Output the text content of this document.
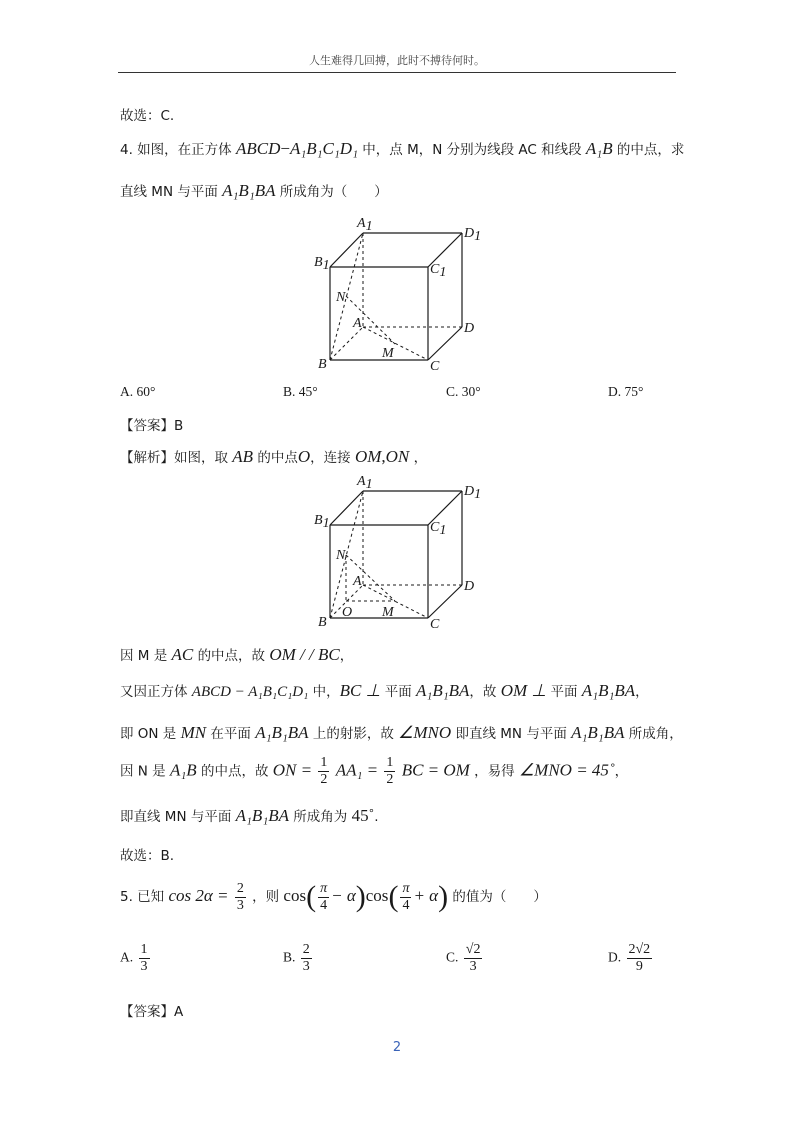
人生难得几回搏，此时不搏待何时。
故选：C.
4. 如图，在正方体 ABCD−A₁B₁C₁D₁ 中，点 M，N 分别为线段 AC 和线段 A₁B 的中点，求
直线 MN 与平面 A₁B₁BA 所成角为（　　）
A1	D1
B1	C1
N
A	D
B
M
C
A. 60°	B. 45°	C. 30°	D. 75°
【答案】B
【解析】如图，取 AB 的中点O，连接 OM,ON ，
A1	D1
B1	C1
N
A	D
B
O M
C
因 M 是 AC 的中点，故 OM / / BC，
又因正方体 ABCD − A₁B₁C₁D₁ 中，BC ⊥ 平面 A₁B₁BA，故 OM ⊥ 平面 A₁B₁BA，
即 ON 是 MN 在平面 A₁B₁BA 上的射影，故 ∠MNO 即直线 MN 与平面 A₁B₁BA 所成角，
因 N 是 A₁B 的中点，故 ON = $\frac{1}{2} AA_1 = \frac{1}{2}$ BC = OM ，易得 ∠MNO = 45˚，
即直线 MN 与平面 A₁B₁BA 所成角为 45˚.
故选：B.
5. 已知 $\cos 2\alpha = \frac{2}{3}$ ，则 $\cos( \frac{\pi}{4} - \alpha)\cos( \frac{\pi}{4} + \alpha)$ 的值为（　　）
A. $\frac{1}{3}$	B. $\frac{2}{3}$	C. $\frac{√2}{3}$	D. $\frac{2√2}{9}$
【答案】A
2
